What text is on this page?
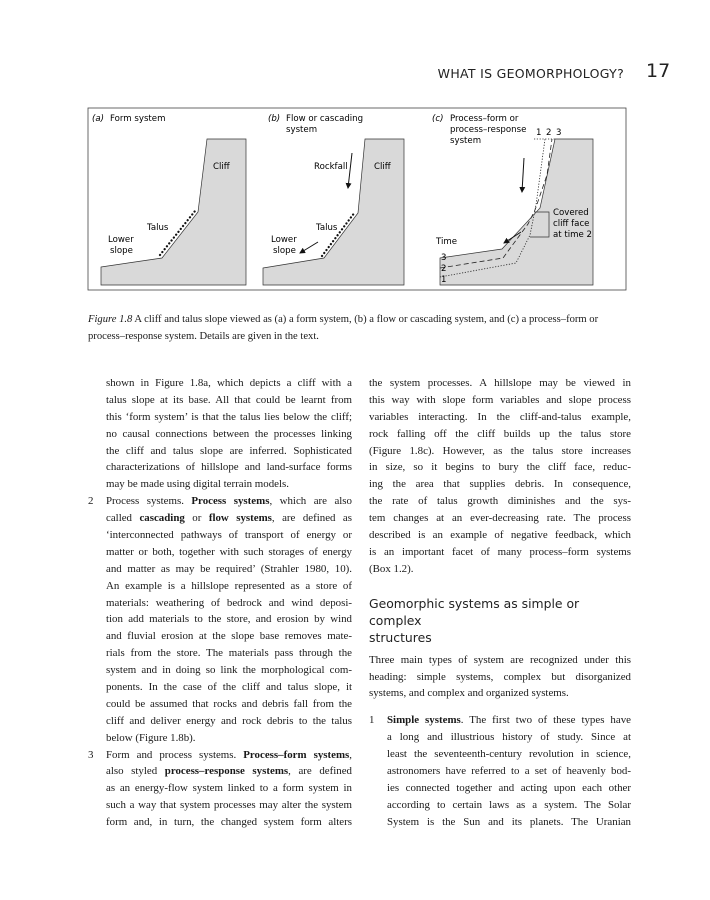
WHAT IS GEOMORPHOLOGY? 17
(a) Form system
Cliff
Talus
Lower
slope
(b) Flow or cascading
system
Rockfall	Cliff
Talus
Lower
slope
(c) Process–form or
process–response
system
1 2 3
Covered
cliff face
at time 2
Time
3
2
1
Figure 1.8 A cliff and talus slope viewed as (a) a form system, (b) a flow or cascading system, and (c) a process–form or process–response system. Details are given in the text.
shown in Figure 1.8a, which depicts a cliff with a
talus slope at its base. All that could be learnt from
this ‘form system’ is that the talus lies below the cliff;
no causal connections between the processes linking
the cliff and talus slope are inferred. Sophisticated
characterizations of hillslope and land-surface forms
may be made using digital terrain models.
2 Process systems. Process systems, which are also
called cascading or flow systems, are defined as
‘interconnected pathways of transport of energy or
matter or both, together with such storages of energy
and matter as may be required’ (Strahler 1980, 10).
An example is a hillslope represented as a store of
materials: weathering of bedrock and wind deposi-
tion add materials to the store, and erosion by wind
and fluvial erosion at the slope base removes mate-
rials from the store. The materials pass through the
system and in doing so link the morphological com-
ponents. In the case of the cliff and talus slope, it
could be assumed that rocks and debris fall from the
cliff and deliver energy and rock debris to the talus
below (Figure 1.8b).
3 Form and process systems. Process–form systems,
also styled process–response systems, are defined
as an energy-flow system linked to a form system in
such a way that system processes may alter the system
form and, in turn, the changed system form alters
the system processes. A hillslope may be viewed in
this way with slope form variables and slope process
variables interacting. In the cliff-and-talus example,
rock falling off the cliff builds up the talus store
(Figure 1.8c). However, as the talus store increases
in size, so it begins to bury the cliff face, reduc-
ing the area that supplies debris. In consequence,
the rate of talus growth diminishes and the sys-
tem changes at an ever-decreasing rate. The process
described is an example of negative feedback, which
is an important facet of many process–form systems
(Box 1.2).
Geomorphic systems as simple or complex
structures
Three main types of system are recognized under this
heading: simple systems, complex but disorganized
systems, and complex and organized systems.
1 Simple systems. The first two of these types have
a long and illustrious history of study. Since at
least the seventeenth-century revolution in science,
astronomers have referred to a set of heavenly bod-
ies connected together and acting upon each other
according to certain laws as a system. The Solar
System is the Sun and its planets. The Uranian
